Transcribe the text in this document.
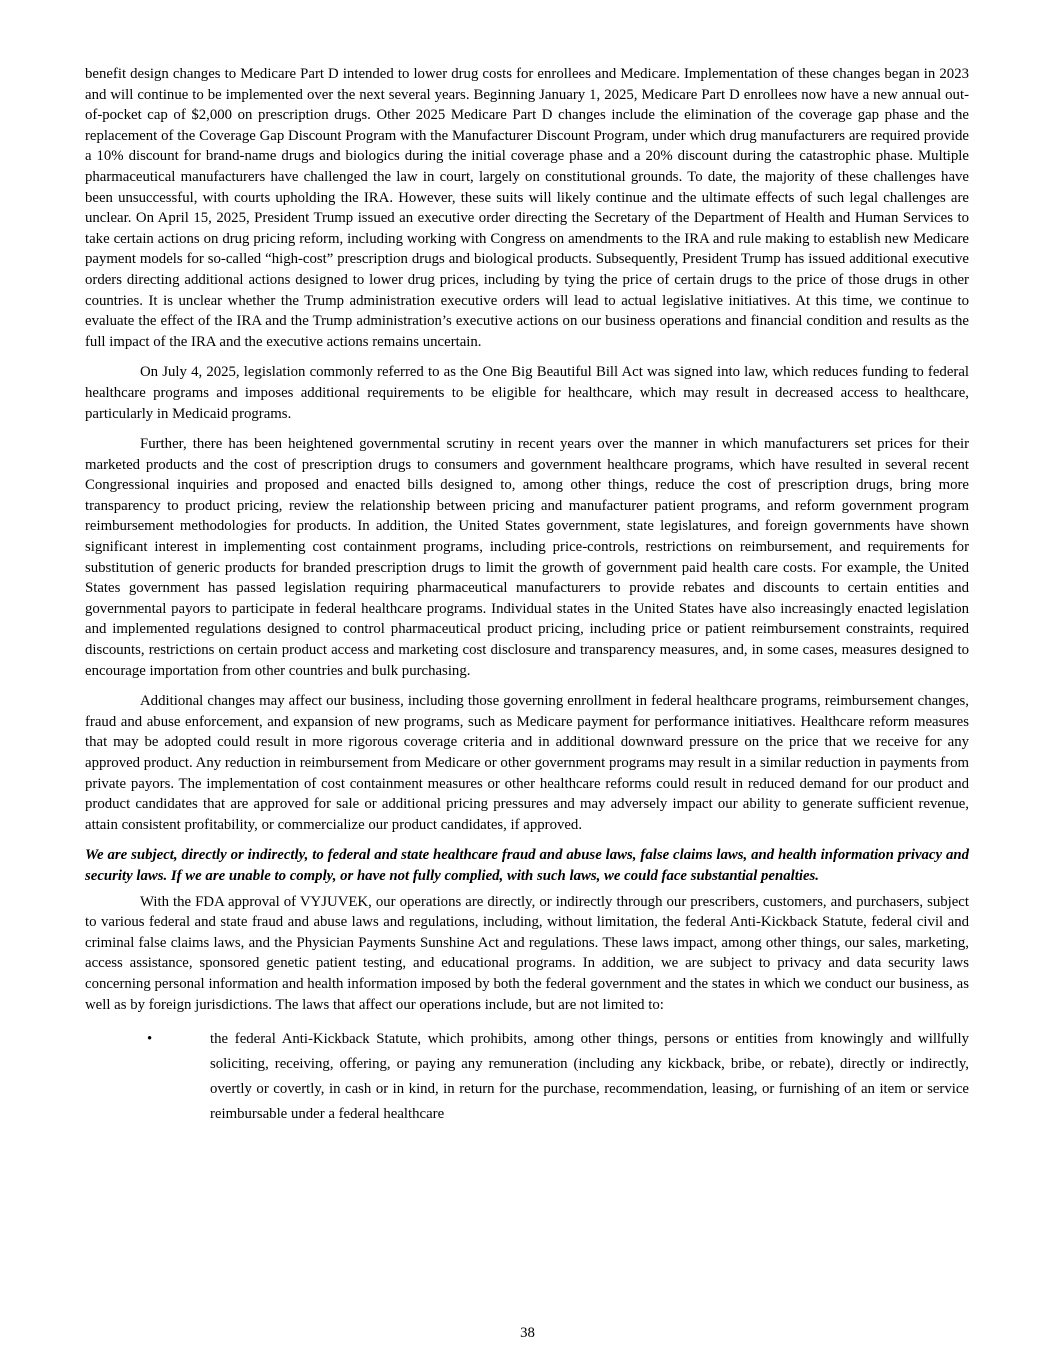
benefit design changes to Medicare Part D intended to lower drug costs for enrollees and Medicare. Implementation of these changes began in 2023 and will continue to be implemented over the next several years. Beginning January 1, 2025, Medicare Part D enrollees now have a new annual out-of-pocket cap of $2,000 on prescription drugs. Other 2025 Medicare Part D changes include the elimination of the coverage gap phase and the replacement of the Coverage Gap Discount Program with the Manufacturer Discount Program, under which drug manufacturers are required provide a 10% discount for brand-name drugs and biologics during the initial coverage phase and a 20% discount during the catastrophic phase. Multiple pharmaceutical manufacturers have challenged the law in court, largely on constitutional grounds. To date, the majority of these challenges have been unsuccessful, with courts upholding the IRA. However, these suits will likely continue and the ultimate effects of such legal challenges are unclear. On April 15, 2025, President Trump issued an executive order directing the Secretary of the Department of Health and Human Services to take certain actions on drug pricing reform, including working with Congress on amendments to the IRA and rule making to establish new Medicare payment models for so-called “high-cost” prescription drugs and biological products. Subsequently, President Trump has issued additional executive orders directing additional actions designed to lower drug prices, including by tying the price of certain drugs to the price of those drugs in other countries. It is unclear whether the Trump administration executive orders will lead to actual legislative initiatives. At this time, we continue to evaluate the effect of the IRA and the Trump administration’s executive actions on our business operations and financial condition and results as the full impact of the IRA and the executive actions remains uncertain.

On July 4, 2025, legislation commonly referred to as the One Big Beautiful Bill Act was signed into law, which reduces funding to federal healthcare programs and imposes additional requirements to be eligible for healthcare, which may result in decreased access to healthcare, particularly in Medicaid programs.

Further, there has been heightened governmental scrutiny in recent years over the manner in which manufacturers set prices for their marketed products and the cost of prescription drugs to consumers and government healthcare programs, which have resulted in several recent Congressional inquiries and proposed and enacted bills designed to, among other things, reduce the cost of prescription drugs, bring more transparency to product pricing, review the relationship between pricing and manufacturer patient programs, and reform government program reimbursement methodologies for products. In addition, the United States government, state legislatures, and foreign governments have shown significant interest in implementing cost containment programs, including price-controls, restrictions on reimbursement, and requirements for substitution of generic products for branded prescription drugs to limit the growth of government paid health care costs. For example, the United States government has passed legislation requiring pharmaceutical manufacturers to provide rebates and discounts to certain entities and governmental payors to participate in federal healthcare programs. Individual states in the United States have also increasingly enacted legislation and implemented regulations designed to control pharmaceutical product pricing, including price or patient reimbursement constraints, required discounts, restrictions on certain product access and marketing cost disclosure and transparency measures, and, in some cases, measures designed to encourage importation from other countries and bulk purchasing.

Additional changes may affect our business, including those governing enrollment in federal healthcare programs, reimbursement changes, fraud and abuse enforcement, and expansion of new programs, such as Medicare payment for performance initiatives. Healthcare reform measures that may be adopted could result in more rigorous coverage criteria and in additional downward pressure on the price that we receive for any approved product. Any reduction in reimbursement from Medicare or other government programs may result in a similar reduction in payments from private payors. The implementation of cost containment measures or other healthcare reforms could result in reduced demand for our product and product candidates that are approved for sale or additional pricing pressures and may adversely impact our ability to generate sufficient revenue, attain consistent profitability, or commercialize our product candidates, if approved.

We are subject, directly or indirectly, to federal and state healthcare fraud and abuse laws, false claims laws, and health information privacy and security laws. If we are unable to comply, or have not fully complied, with such laws, we could face substantial penalties.

With the FDA approval of VYJUVEK, our operations are directly, or indirectly through our prescribers, customers, and purchasers, subject to various federal and state fraud and abuse laws and regulations, including, without limitation, the federal Anti-Kickback Statute, federal civil and criminal false claims laws, and the Physician Payments Sunshine Act and regulations. These laws impact, among other things, our sales, marketing, access assistance, sponsored genetic patient testing, and educational programs. In addition, we are subject to privacy and data security laws concerning personal information and health information imposed by both the federal government and the states in which we conduct our business, as well as by foreign jurisdictions. The laws that affect our operations include, but are not limited to:

•	the federal Anti-Kickback Statute, which prohibits, among other things, persons or entities from knowingly and willfully soliciting, receiving, offering, or paying any remuneration (including any kickback, bribe, or rebate), directly or indirectly, overtly or covertly, in cash or in kind, in return for the purchase, recommendation, leasing, or furnishing of an item or service reimbursable under a federal healthcare

38
